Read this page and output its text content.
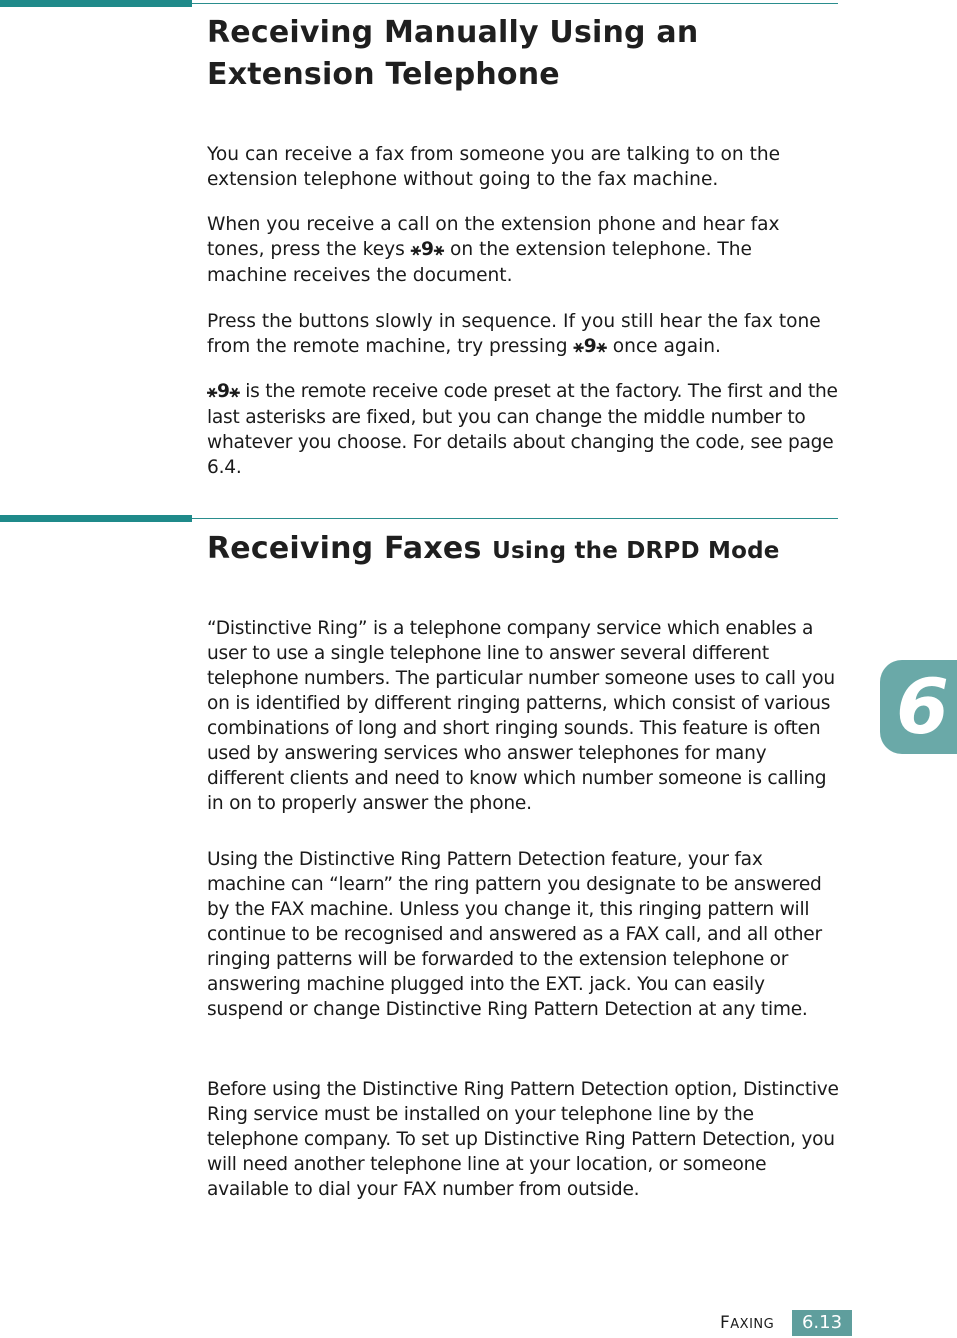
Receiving Manually Using an
Extension Telephone

You can receive a fax from someone you are talking to on the extension telephone without going to the fax machine.

When you receive a call on the extension phone and hear fax tones, press the keys ⚹9⚹ on the extension telephone. The machine receives the document.

Press the buttons slowly in sequence. If you still hear the fax tone from the remote machine, try pressing ⚹9⚹ once again.

⚹9⚹ is the remote receive code preset at the factory. The first and the last asterisks are fixed, but you can change the middle number to whatever you choose. For details about changing the code, see page 6.4.

Receiving Faxes Using the DRPD Mode

“Distinctive Ring” is a telephone company service which enables a user to use a single telephone line to answer several different telephone numbers. The particular number someone uses to call you on is identified by different ringing patterns, which consist of various combinations of long and short ringing sounds. This feature is often used by answering services who answer telephones for many different clients and need to know which number someone is calling in on to properly answer the phone.

Using the Distinctive Ring Pattern Detection feature, your fax machine can “learn” the ring pattern you designate to be answered by the FAX machine. Unless you change it, this ringing pattern will continue to be recognised and answered as a FAX call, and all other ringing patterns will be forwarded to the extension telephone or answering machine plugged into the EXT. jack. You can easily suspend or change Distinctive Ring Pattern Detection at any time.

Before using the Distinctive Ring Pattern Detection option, Distinctive Ring service must be installed on your telephone line by the telephone company. To set up Distinctive Ring Pattern Detection, you will need another telephone line at your location, or someone available to dial your FAX number from outside.

6
FAXING	6.13
